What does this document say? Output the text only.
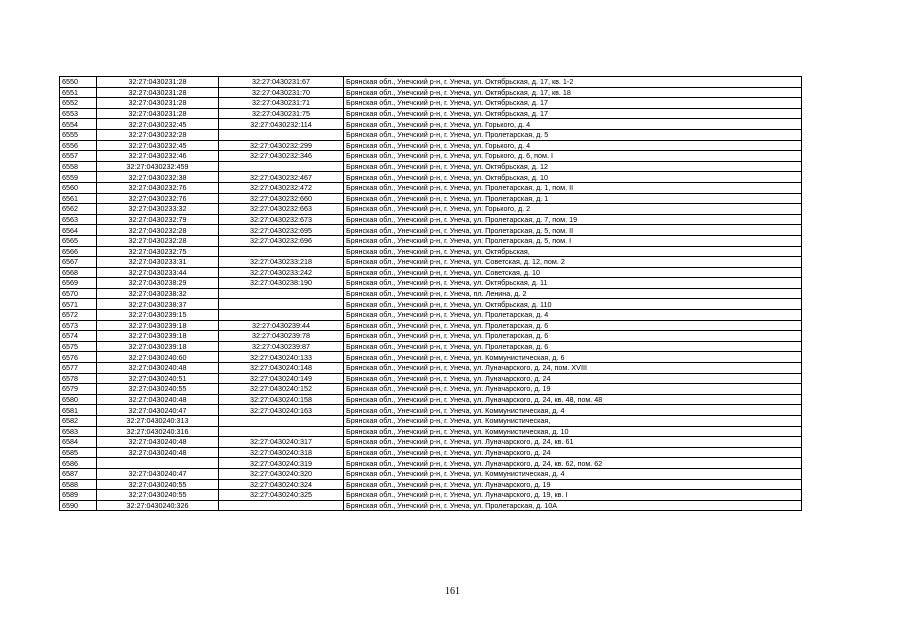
6550	32:27:0430231:28	32:27:0430231:67	Брянская обл., Унечский р-н, г. Унеча, ул. Октябрьская, д. 17, кв. 1-2
6551	32:27:0430231:28	32:27:0430231:70	Брянская обл., Унечский р-н, г. Унеча, ул. Октябрьская, д. 17, кв. 18
6552	32:27:0430231:28	32:27:0430231:71	Брянская обл., Унечский р-н, г. Унеча, ул. Октябрьская, д. 17
6553	32:27:0430231:28	32:27:0430231:75	Брянская обл., Унечский р-н, г. Унеча, ул. Октябрьская, д. 17
6554	32:27:0430232:45	32:27:0430232:114	Брянская обл., Унечский р-н, г. Унеча, ул. Горького, д. 4
6555	32:27:0430232:28		Брянская обл., Унечский р-н, г. Унеча, ул. Пролетарская, д. 5
6556	32:27:0430232:45	32:27:0430232:299	Брянская обл., Унечский р-н, г. Унеча, ул. Горького, д. 4
6557	32:27:0430232:46	32:27:0430232:346	Брянская обл., Унечский р-н, г. Унеча, ул. Горького, д. 6, пом. I
6558	32:27:0430232:459		Брянская обл., Унечский р-н, г. Унеча, ул. Октябрьская, д. 12
6559	32:27:0430232:38	32:27:0430232:467	Брянская обл., Унечский р-н, г. Унеча, ул. Октябрьская, д. 10
6560	32:27:0430232:76	32:27:0430232:472	Брянская обл., Унечский р-н, г. Унеча, ул. Пролетарская, д. 1, пом. II
6561	32:27:0430232:76	32:27:0430232:660	Брянская обл., Унечский р-н, г. Унеча, ул. Пролетарская, д. 1
6562	32:27:0430233:32	32:27:0430232:663	Брянская обл., Унечский р-н, г. Унеча, ул. Горького, д. 2
6563	32:27:0430232:79	32:27:0430232:673	Брянская обл., Унечский р-н, г. Унеча, ул. Пролетарская, д. 7, пом. 19
6564	32:27:0430232:28	32:27:0430232:695	Брянская обл., Унечский р-н, г. Унеча, ул. Пролетарская, д. 5, пом. II
6565	32:27:0430232:28	32:27:0430232:696	Брянская обл., Унечский р-н, г. Унеча, ул. Пролетарская, д. 5, пом. I
6566	32:27:0430232:75		Брянская обл., Унечский р-н, г. Унеча, ул. Октябрьская,
6567	32:27:0430233:31	32:27:0430233:218	Брянская обл., Унечский р-н, г. Унеча, ул. Советская, д. 12, пом. 2
6568	32:27:0430233:44	32:27:0430233:242	Брянская обл., Унечский р-н, г. Унеча, ул. Советская, д. 10
6569	32:27:0430238:29	32:27:0430238:190	Брянская обл., Унечский р-н, г. Унеча, ул. Октябрьская, д. 11
6570	32:27:0430238:32		Брянская обл., Унечский р-н, г. Унеча, пл. Ленина, д. 2
6571	32:27:0430238:37		Брянская обл., Унечский р-н, г. Унеча, ул. Октябрьская, д. 110
6572	32:27:0430239:15		Брянская обл., Унечский р-н, г. Унеча, ул. Пролетарская, д. 4
6573	32:27:0430239:18	32:27:0430239:44	Брянская обл., Унечский р-н, г. Унеча, ул. Пролетарская, д. 6
6574	32:27:0430239:18	32:27:0430239:78	Брянская обл., Унечский р-н, г. Унеча, ул. Пролетарская, д. 6
6575	32:27:0430239:18	32:27:0430239:87	Брянская обл., Унечский р-н, г. Унеча, ул. Пролетарская, д. 6
6576	32:27:0430240:60	32:27:0430240:133	Брянская обл., Унечский р-н, г. Унеча, ул. Коммунистическая, д. 6
6577	32:27:0430240:48	32:27:0430240:148	Брянская обл., Унечский р-н, г. Унеча, ул. Луначарского, д. 24, пом. XVIII
6578	32:27:0430240:51	32:27:0430240:149	Брянская обл., Унечский р-н, г. Унеча, ул. Луначарского, д. 24
6579	32:27:0430240:55	32:27:0430240:152	Брянская обл., Унечский р-н, г. Унеча, ул. Луначарского, д. 19
6580	32:27:0430240:48	32:27:0430240:158	Брянская обл., Унечский р-н, г. Унеча, ул. Луначарского, д. 24, кв. 48, пом. 48
6581	32:27:0430240:47	32:27:0430240:163	Брянская обл., Унечский р-н, г. Унеча, ул. Коммунистическая, д. 4
6582	32:27:0430240:313		Брянская обл., Унечский р-н, г. Унеча, ул. Коммунистическая,
6583	32:27:0430240:316		Брянская обл., Унечский р-н, г. Унеча, ул. Коммунистическая, д. 10
6584	32:27:0430240:48	32:27:0430240:317	Брянская обл., Унечский р-н, г. Унеча, ул. Луначарского, д. 24, кв. 61
6585	32:27:0430240:48	32:27:0430240:318	Брянская обл., Унечский р-н, г. Унеча, ул. Луначарского, д. 24
6586		32:27:0430240:319	Брянская обл., Унечский р-н, г. Унеча, ул. Луначарского, д. 24, кв. 62, пом. 62
6587	32:27:0430240:47	32:27:0430240:320	Брянская обл., Унечский р-н, г. Унеча, ул. Коммунистическая, д. 4
6588	32:27:0430240:55	32:27:0430240:324	Брянская обл., Унечский р-н, г. Унеча, ул. Луначарского, д. 19
6589	32:27:0430240:55	32:27:0430240:325	Брянская обл., Унечский р-н, г. Унеча, ул. Луначарского, д. 19, кв. I
6590	32:27:0430240:326		Брянская обл., Унечский р-н, г. Унеча, ул. Пролетарская, д. 10А
161
